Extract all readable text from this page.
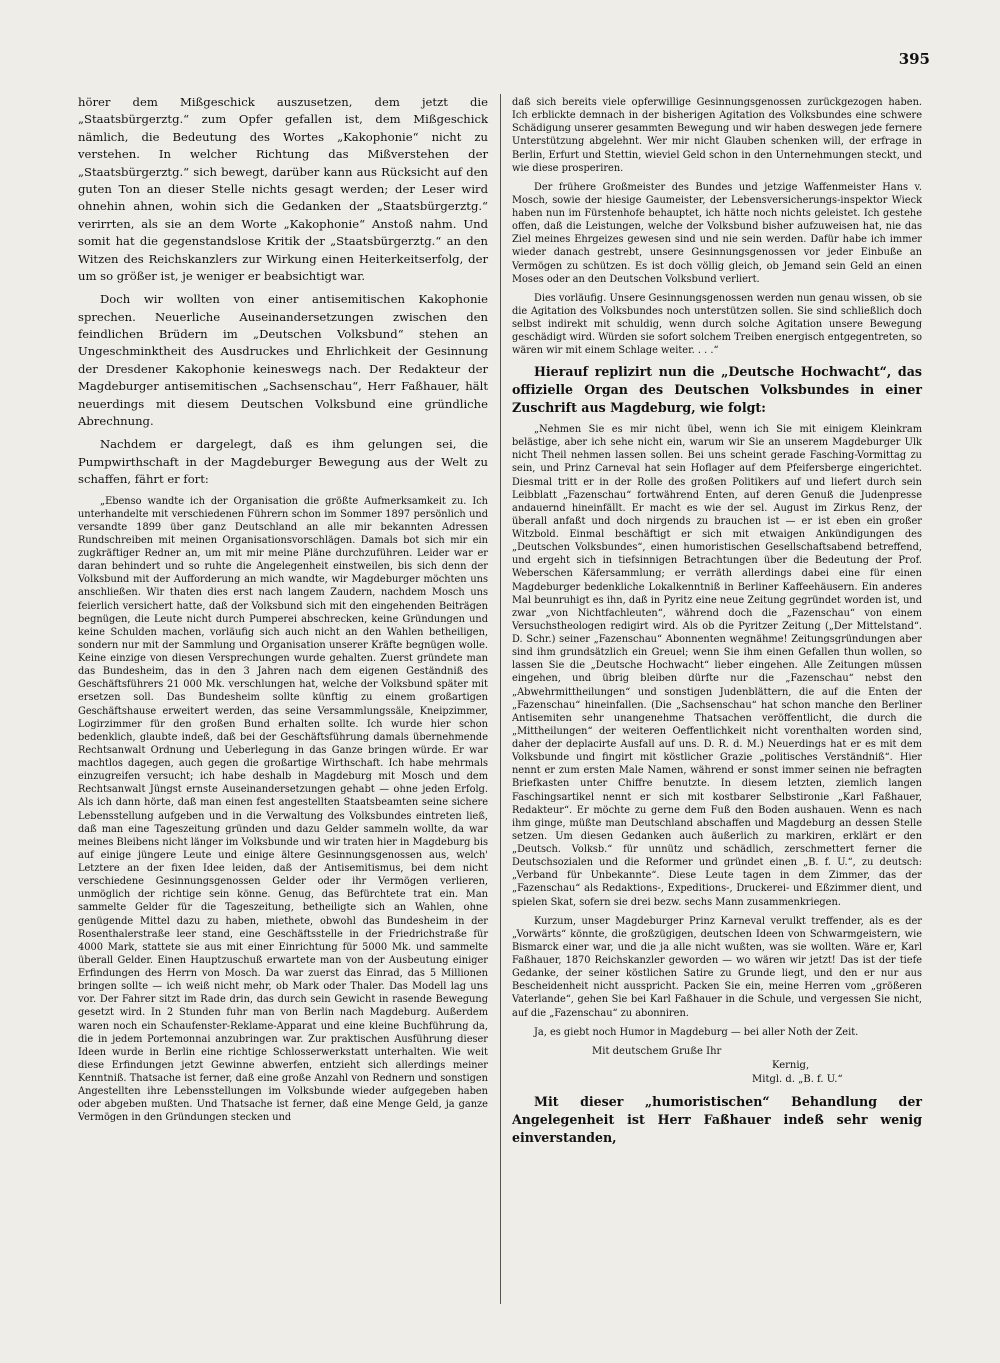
395

hörer dem Mißgeschick auszusetzen, dem jetzt die „Staatsbürgerztg.“ zum Opfer gefallen ist, dem Mißgeschick nämlich, die Bedeutung des Wortes „Kakophonie“ nicht zu verstehen. In welcher Richtung das Mißverstehen der „Staatsbürgerztg.“ sich bewegt, darüber kann aus Rücksicht auf den guten Ton an dieser Stelle nichts gesagt werden; der Leser wird ohnehin ahnen, wohin sich die Gedanken der „Staatsbürgerztg.“ verirrten, als sie an dem Worte „Kakophonie“ Anstoß nahm. Und somit hat die gegenstandslose Kritik der „Staatsbürgerztg.“ an den Witzen des Reichskanzlers zur Wirkung einen Heiterkeitserfolg, der um so größer ist, je weniger er beabsichtigt war.

Doch wir wollten von einer antisemitischen Kakophonie sprechen. Neuerliche Auseinandersetzungen zwischen den feindlichen Brüdern im „Deutschen Volksbund“ stehen an Ungeschminktheit des Ausdruckes und Ehrlichkeit der Gesinnung der Dresdener Kakophonie keineswegs nach. Der Redakteur der Magdeburger antisemitischen „Sachsenschau“, Herr Faßhauer, hält neuerdings mit diesem Deutschen Volksbund eine gründliche Abrechnung.

Nachdem er dargelegt, daß es ihm gelungen sei, die Pumpwirthschaft in der Magdeburger Bewegung aus der Welt zu schaffen, fährt er fort:

„Ebenso wandte ich der Organisation die größte Aufmerksamkeit zu. Ich unterhandelte mit verschiedenen Führern schon im Sommer 1897 persönlich und versandte 1899 über ganz Deutschland an alle mir bekannten Adressen Rundschreiben mit meinen Organisationsvorschlägen. Damals bot sich mir ein zugkräftiger Redner an, um mit mir meine Pläne durchzuführen. Leider war er daran behindert und so ruhte die Angelegenheit einstweilen, bis sich denn der Volksbund mit der Aufforderung an mich wandte, wir Magdeburger möchten uns anschließen. Wir thaten dies erst nach langem Zaudern, nachdem Mosch uns feierlich versichert hatte, daß der Volksbund sich mit den eingehenden Beiträgen begnügen, die Leute nicht durch Pumperei abschrecken, keine Gründungen und keine Schulden machen, vorläufig sich auch nicht an den Wahlen betheiligen, sondern nur mit der Sammlung und Organisation unserer Kräfte begnügen wolle. Keine einzige von diesen Versprechungen wurde gehalten. Zuerst gründete man das Bundesheim, das in den 3 Jahren nach dem eigenen Geständniß des Geschäftsführers 21 000 Mk. verschlungen hat, welche der Volksbund später mit ersetzen soll. Das Bundesheim sollte künftig zu einem großartigen Geschäftshause erweitert werden, das seine Versammlungssäle, Kneipzimmer, Logirzimmer für den großen Bund erhalten sollte. Ich wurde hier schon bedenklich, glaubte indeß, daß bei der Geschäftsführung damals übernehmende Rechtsanwalt Ordnung und Ueberlegung in das Ganze bringen würde. Er war machtlos dagegen, auch gegen die großartige Wirthschaft. Ich habe mehrmals einzugreifen versucht; ich habe deshalb in Magdeburg mit Mosch und dem Rechtsanwalt Jüngst ernste Auseinandersetzungen gehabt — ohne jeden Erfolg. Als ich dann hörte, daß man einen fest angestellten Staatsbeamten seine sichere Lebensstellung aufgeben und in die Verwaltung des Volksbundes eintreten ließ, daß man eine Tageszeitung gründen und dazu Gelder sammeln wollte, da war meines Bleibens nicht länger im Volksbunde und wir traten hier in Magdeburg bis auf einige jüngere Leute und einige ältere Gesinnungsgenossen aus, welch' Letztere an der fixen Idee leiden, daß der Antisemitismus, bei dem nicht verschiedene Gesinnungsgenossen Gelder oder ihr Vermögen verlieren, unmöglich der richtige sein könne. Genug, das Befürchtete trat ein. Man sammelte Gelder für die Tageszeitung, betheiligte sich an Wahlen, ohne genügende Mittel dazu zu haben, miethete, obwohl das Bundesheim in der Rosenthalerstraße leer stand, eine Geschäftsstelle in der Friedrichstraße für 4000 Mark, stattete sie aus mit einer Einrichtung für 5000 Mk. und sammelte überall Gelder. Einen Hauptzuschuß erwartete man von der Ausbeutung einiger Erfindungen des Herrn von Mosch. Da war zuerst das Einrad, das 5 Millionen bringen sollte — ich weiß nicht mehr, ob Mark oder Thaler. Das Modell lag uns vor. Der Fahrer sitzt im Rade drin, das durch sein Gewicht in rasende Bewegung gesetzt wird. In 2 Stunden fuhr man von Berlin nach Magdeburg. Außerdem waren noch ein Schaufenster-Reklame-Apparat und eine kleine Buchführung da, die in jedem Portemonnai anzubringen war. Zur praktischen Ausführung dieser Ideen wurde in Berlin eine richtige Schlosserwerkstatt unterhalten. Wie weit diese Erfindungen jetzt Gewinne abwerfen, entzieht sich allerdings meiner Kenntniß. Thatsache ist ferner, daß eine große Anzahl von Rednern und sonstigen Angestellten ihre Lebensstellungen im Volksbunde wieder aufgegeben haben oder abgeben mußten. Und Thatsache ist ferner, daß eine Menge Geld, ja ganze Vermögen in den Gründungen stecken und

daß sich bereits viele opferwillige Gesinnungsgenossen zurückgezogen haben. Ich erblickte demnach in der bisherigen Agitation des Volksbundes eine schwere Schädigung unserer gesammten Bewegung und wir haben deswegen jede fernere Unterstützung abgelehnt. Wer mir nicht Glauben schenken will, der erfrage in Berlin, Erfurt und Stettin, wieviel Geld schon in den Unternehmungen steckt, und wie diese prosperiren.

Der frühere Großmeister des Bundes und jetzige Waffenmeister Hans v. Mosch, sowie der hiesige Gaumeister, der Lebensversicherungs-inspektor Wieck haben nun im Fürstenhofe behauptet, ich hätte noch nichts geleistet. Ich gestehe offen, daß die Leistungen, welche der Volksbund bisher aufzuweisen hat, nie das Ziel meines Ehrgeizes gewesen sind und nie sein werden. Dafür habe ich immer wieder danach gestrebt, unsere Gesinnungsgenossen vor jeder Einbuße an Vermögen zu schützen. Es ist doch völlig gleich, ob Jemand sein Geld an einen Moses oder an den Deutschen Volksbund verliert.

Dies vorläufig. Unsere Gesinnungsgenossen werden nun genau wissen, ob sie die Agitation des Volksbundes noch unterstützen sollen. Sie sind schließlich doch selbst indirekt mit schuldig, wenn durch solche Agitation unsere Bewegung geschädigt wird. Würden sie sofort solchem Treiben energisch entgegentreten, so wären wir mit einem Schlage weiter. . . .“

Hierauf replizirt nun die „Deutsche Hochwacht“, das offizielle Organ des Deutschen Volksbundes in einer Zuschrift aus Magdeburg, wie folgt:

„Nehmen Sie es mir nicht übel, wenn ich Sie mit einigem Kleinkram belästige, aber ich sehe nicht ein, warum wir Sie an unserem Magdeburger Ulk nicht Theil nehmen lassen sollen. Bei uns scheint gerade Fasching-Vormittag zu sein, und Prinz Carneval hat sein Hoflager auf dem Pfeifersberge eingerichtet. Diesmal tritt er in der Rolle des großen Politikers auf und liefert durch sein Leibblatt „Fazenschau“ fortwährend Enten, auf deren Genuß die Judenpresse andauernd hineinfällt. Er macht es wie der sel. August im Zirkus Renz, der überall anfaßt und doch nirgends zu brauchen ist — er ist eben ein großer Witzbold. Einmal beschäftigt er sich mit etwaigen Ankündigungen des „Deutschen Volksbundes“, einen humoristischen Gesellschaftsabend betreffend, und ergeht sich in tiefsinnigen Betrachtungen über die Bedeutung der Prof. Weberschen Käfersammlung; er verräth allerdings dabei eine für einen Magdeburger bedenkliche Lokalkenntniß in Berliner Kaffeehäusern. Ein anderes Mal beunruhigt es ihn, daß in Pyritz eine neue Zeitung gegründet worden ist, und zwar „von Nichtfachleuten“, während doch die „Fazenschau“ von einem Versuchstheologen redigirt wird. Als ob die Pyritzer Zeitung („Der Mittelstand“. D. Schr.) seiner „Fazenschau“ Abonnenten wegnähme! Zeitungsgründungen aber sind ihm grundsätzlich ein Greuel; wenn Sie ihm einen Gefallen thun wollen, so lassen Sie die „Deutsche Hochwacht“ lieber eingehen. Alle Zeitungen müssen eingehen, und übrig bleiben dürfte nur die „Fazenschau“ nebst den „Abwehrmittheilungen“ und sonstigen Judenblättern, die auf die Enten der „Fazenschau“ hineinfallen. (Die „Sachsenschau“ hat schon manche den Berliner Antisemiten sehr unangenehme Thatsachen veröffentlicht, die durch die „Mittheilungen“ der weiteren Oeffentlichkeit nicht vorenthalten worden sind, daher der deplacirte Ausfall auf uns. D. R. d. M.) Neuerdings hat er es mit dem Volksbunde und fingirt mit köstlicher Grazie „politisches Verständniß“. Hier nennt er zum ersten Male Namen, während er sonst immer seinen nie befragten Briefkasten unter Chiffre benutzte. In diesem letzten, ziemlich langen Faschingsartikel nennt er sich mit kostbarer Selbstironie „Karl Faßhauer, Redakteur“. Er möchte zu gerne dem Fuß den Boden aushauen. Wenn es nach ihm ginge, müßte man Deutschland abschaffen und Magdeburg an dessen Stelle setzen. Um diesen Gedanken auch äußerlich zu markiren, erklärt er den „Deutsch. Volksb.“ für unnütz und schädlich, zerschmettert ferner die Deutschsozialen und die Reformer und gründet einen „B. f. U.“, zu deutsch: „Verband für Unbekannte“. Diese Leute tagen in dem Zimmer, das der „Fazenschau“ als Redaktions-, Expeditions-, Druckerei- und Eßzimmer dient, und spielen Skat, sofern sie drei bezw. sechs Mann zusammenkriegen.

Kurzum, unser Magdeburger Prinz Karneval verulkt treffender, als es der „Vorwärts“ könnte, die großzügigen, deutschen Ideen von Schwarmgeistern, wie Bismarck einer war, und die ja alle nicht wußten, was sie wollten. Wäre er, Karl Faßhauer, 1870 Reichskanzler geworden — wo wären wir jetzt! Das ist der tiefe Gedanke, der seiner köstlichen Satire zu Grunde liegt, und den er nur aus Bescheidenheit nicht ausspricht. Packen Sie ein, meine Herren vom „größeren Vaterlande“, gehen Sie bei Karl Faßhauer in die Schule, und vergessen Sie nicht, auf die „Fazenschau“ zu abonniren.

Ja, es giebt noch Humor in Magdeburg — bei aller Noth der Zeit.

Mit deutschem Gruße Ihr

Kernig,

Mitgl. d. „B. f. U.“

Mit dieser „humoristischen“ Behandlung der Angelegenheit ist Herr Faßhauer indeß sehr wenig einverstanden,
